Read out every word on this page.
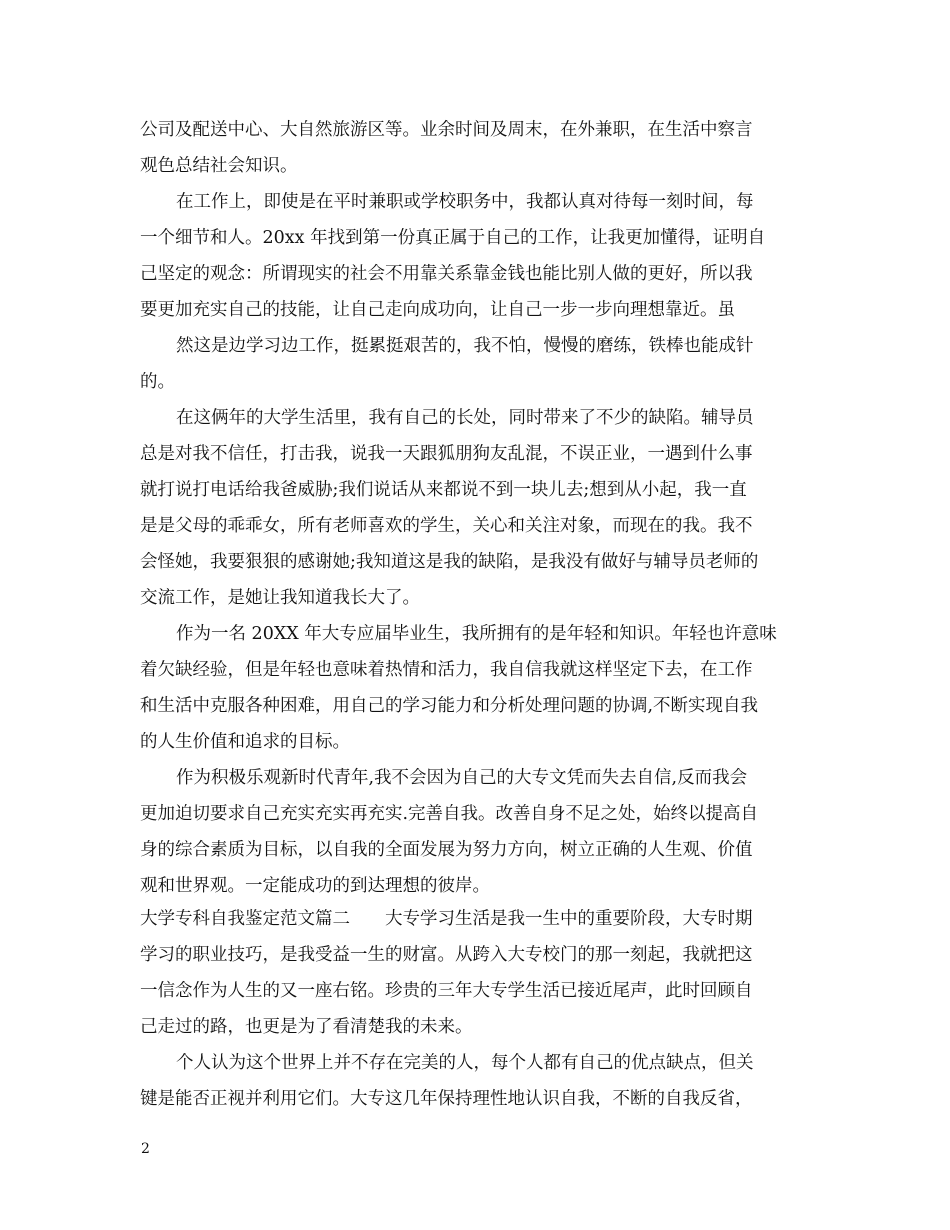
公司及配送中心、大自然旅游区等。业余时间及周末，在外兼职，在生活中察言
观色总结社会知识。
在工作上，即使是在平时兼职或学校职务中，我都认真对待每一刻时间，每
一个细节和人。20xx 年找到第一份真正属于自己的工作，让我更加懂得，证明自
己坚定的观念：所谓现实的社会不用靠关系靠金钱也能比别人做的更好，所以我
要更加充实自己的技能，让自己走向成功向，让自己一步一步向理想靠近。虽
然这是边学习边工作，挺累挺艰苦的，我不怕，慢慢的磨练，铁棒也能成针
的。
在这俩年的大学生活里，我有自己的长处，同时带来了不少的缺陷。辅导员
总是对我不信任，打击我，说我一天跟狐朋狗友乱混，不误正业，一遇到什么事
就打说打电话给我爸威胁;我们说话从来都说不到一块儿去;想到从小起，我一直
是是父母的乖乖女，所有老师喜欢的学生，关心和关注对象，而现在的我。我不
会怪她，我要狠狠的感谢她;我知道这是我的缺陷，是我没有做好与辅导员老师的
交流工作，是她让我知道我长大了。
作为一名 20XX 年大专应届毕业生，我所拥有的是年轻和知识。年轻也许意味
着欠缺经验，但是年轻也意味着热情和活力，我自信我就这样坚定下去，在工作
和生活中克服各种困难，用自己的学习能力和分析处理问题的协调,不断实现自我
的人生价值和追求的目标。
作为积极乐观新时代青年,我不会因为自己的大专文凭而失去自信,反而我会
更加迫切要求自己充实充实再充实.完善自我。改善自身不足之处，始终以提高自
身的综合素质为目标，以自我的全面发展为努力方向，树立正确的人生观、价值
观和世界观。一定能成功的到达理想的彼岸。
大学专科自我鉴定范文篇二　　大专学习生活是我一生中的重要阶段，大专时期
学习的职业技巧，是我受益一生的财富。从跨入大专校门的那一刻起，我就把这
一信念作为人生的又一座右铭。珍贵的三年大专学生活已接近尾声，此时回顾自
己走过的路，也更是为了看清楚我的未来。
个人认为这个世界上并不存在完美的人，每个人都有自己的优点缺点，但关
键是能否正视并利用它们。大专这几年保持理性地认识自我，不断的自我反省，
2
